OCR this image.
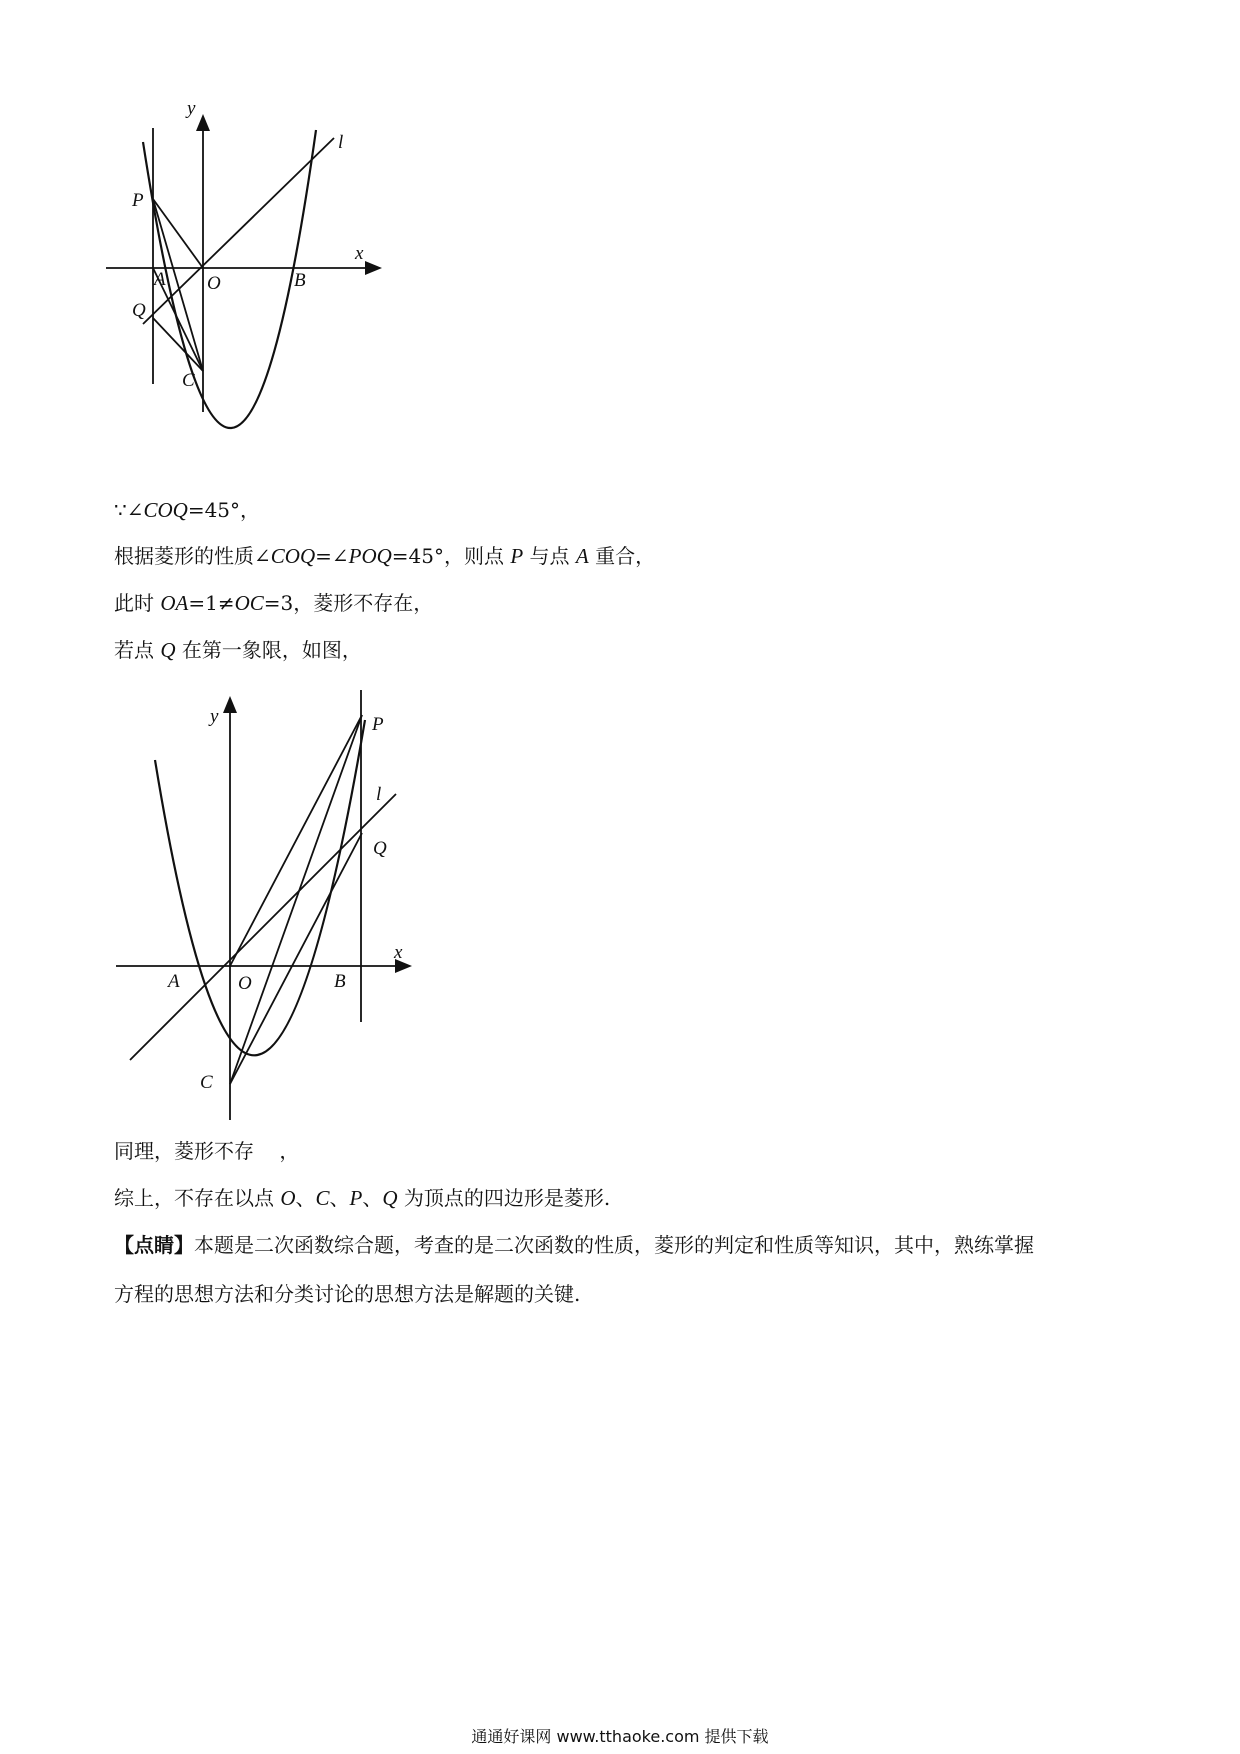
y
x
l
P
A O	B
Q
C
∵∠COQ=45°，
根据菱形的性质∠COQ=∠POQ=45°，则点 P 与点 A 重合，
此时 OA=1≠OC=3，菱形不存在，
若点 Q 在第一象限，如图，
y
x
l
P
Q
A	O	B
C
同理，菱形不存    ，
综上，不存在以点 O、C、P、Q 为顶点的四边形是菱形.
【点睛】本题是二次函数综合题，考查的是二次函数的性质，菱形的判定和性质等知识，其中，熟练掌握
方程的思想方法和分类讨论的思想方法是解题的关键.
通通好课网 www.tthaoke.com 提供下载
